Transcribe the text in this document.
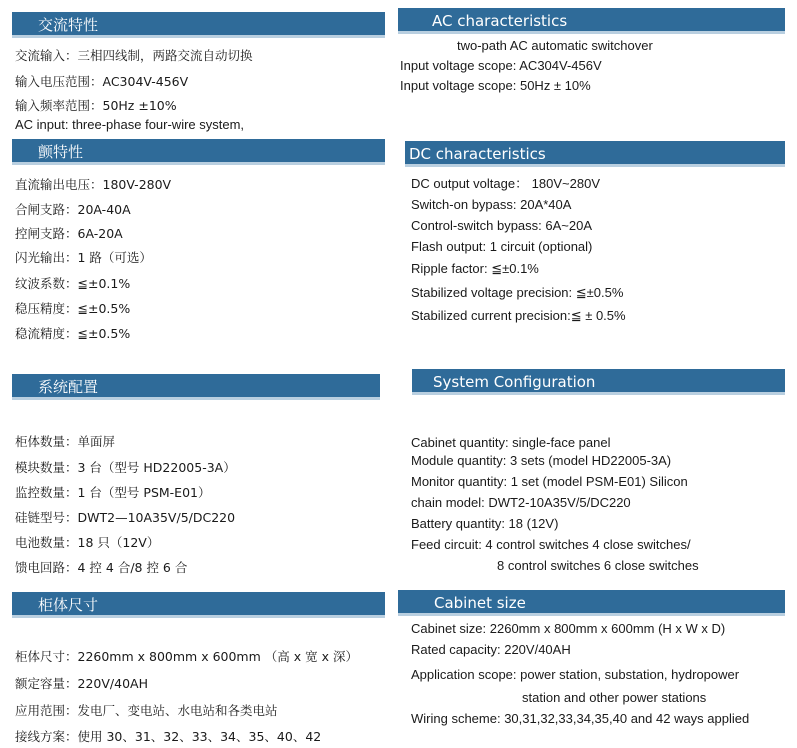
交流特性
交流输入：三相四线制，两路交流自动切换
输入电压范围：AC304V-456V
输入频率范围：50Hz ±10%
AC input: three-phase four-wire system,
颤特性
直流输出电压：180V-280V
合闸支路：20A-40A
控闸支路：6A-20A
闪光输出：1 路（可选）
纹波系数：≦±0.1%
稳压精度：≦±0.5%
稳流精度：≦±0.5%
系统配置
柜体数量：单面屏
模块数量：3 台（型号 HD22005-3A）
监控数量：1 台（型号 PSM-E01）
硅链型号：DWT2—10A35V/5/DC220
电池数量：18 只（12V）
馈电回路：4 控 4 合/8 控 6 合
柜体尺寸
柜体尺寸：2260mm x 800mm x 600mm （高 x 宽 x 深）
额定容量：220V/40AH
应用范围：发电厂、变电站、水电站和各类电站
接线方案：使用 30、31、32、33、34、35、40、42
AC characteristics
two-path AC automatic switchover
Input voltage scope: AC304V-456V
Input voltage scope: 50Hz ± 10%
DC characteristics
DC output voltage： 180V~280V
Switch-on bypass: 20A*40A
Control-switch bypass: 6A~20A
Flash output: 1 circuit (optional)
Ripple factor: ≦±0.1%
Stabilized voltage precision: ≦±0.5%
Stabilized current precision:≦ ± 0.5%
System Configuration
Cabinet quantity: single-face panel
Module quantity: 3 sets (model HD22005-3A)
Monitor quantity: 1 set (model PSM-E01) Silicon
chain model: DWT2-10A35V/5/DC220
Battery quantity: 18 (12V)
Feed circuit: 4 control switches 4 close switches/
8 control switches 6 close switches
Cabinet size
Cabinet size: 2260mm x 800mm x 600mm (H x W x D)
Rated capacity: 220V/40AH
Application scope: power station, substation, hydropower
station and other power stations
Wiring scheme: 30,31,32,33,34,35,40 and 42 ways applied
